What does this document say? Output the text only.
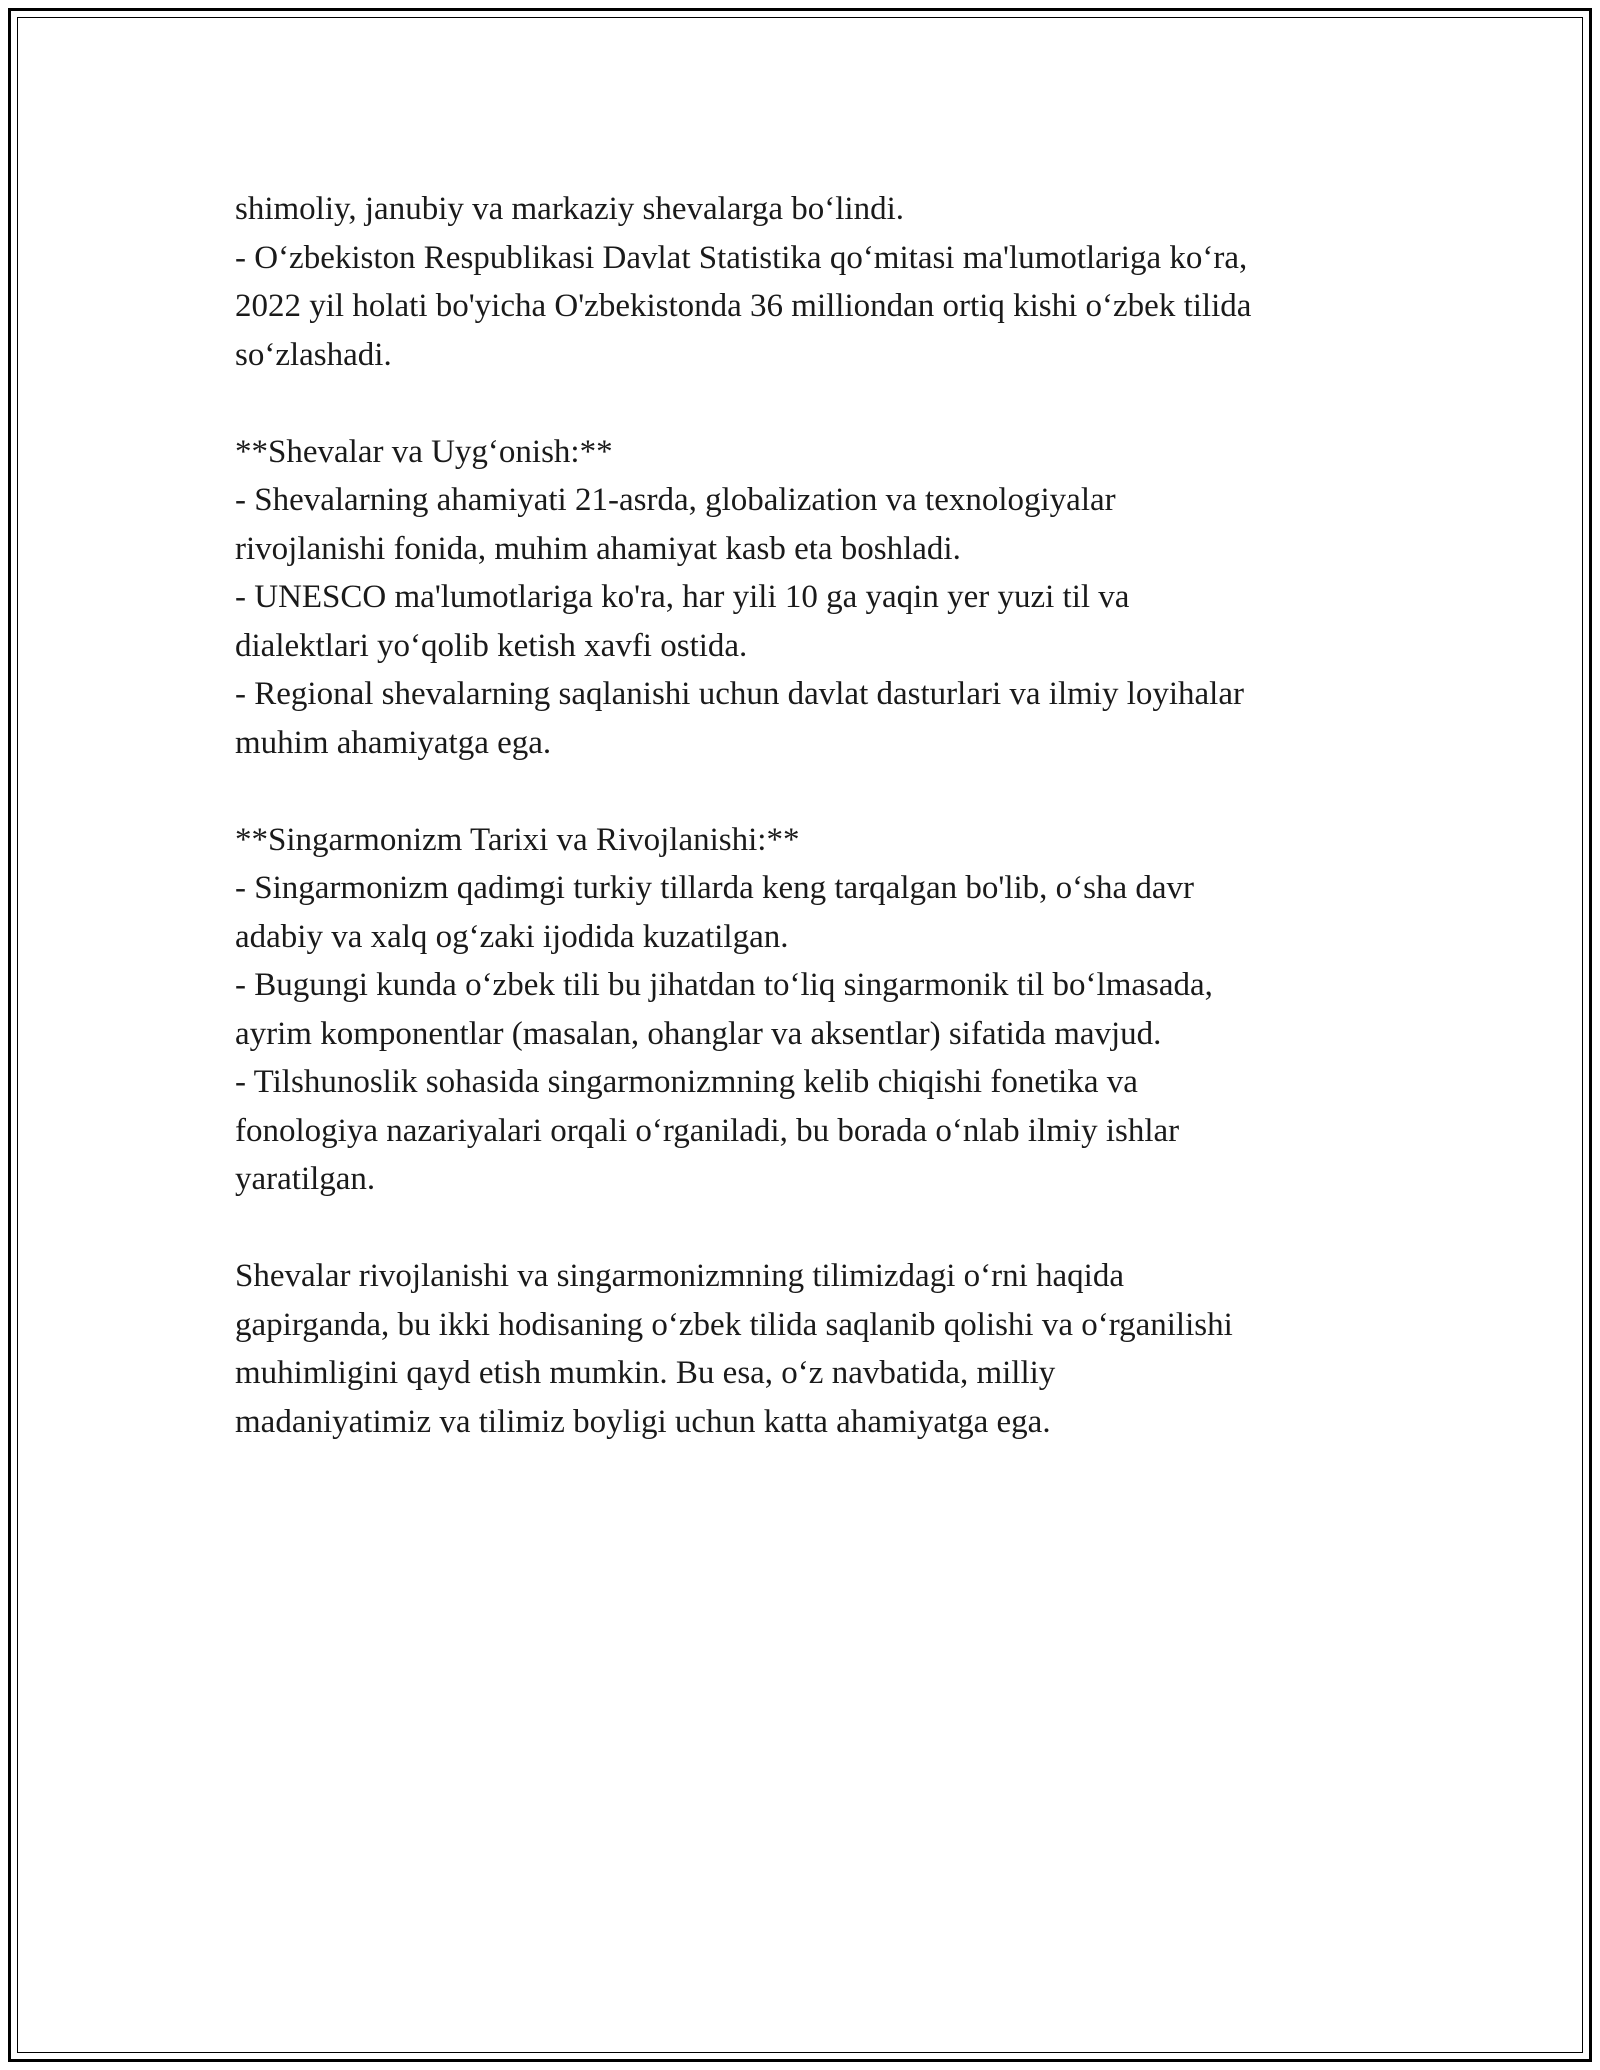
shimoliy, janubiy va markaziy shevalarga bo‘lindi.
- O‘zbekiston Respublikasi Davlat Statistika qo‘mitasi ma'lumotlariga ko‘ra,
2022 yil holati bo'yicha O'zbekistonda 36 milliondan ortiq kishi o‘zbek tilida
so‘zlashadi.
**Shevalar va Uyg‘onish:**
- Shevalarning ahamiyati 21-asrda, globalization va texnologiyalar
rivojlanishi fonida, muhim ahamiyat kasb eta boshladi.
- UNESCO ma'lumotlariga ko'ra, har yili 10 ga yaqin yer yuzi til va
dialektlari yo‘qolib ketish xavfi ostida.
- Regional shevalarning saqlanishi uchun davlat dasturlari va ilmiy loyihalar
muhim ahamiyatga ega.
**Singarmonizm Tarixi va Rivojlanishi:**
- Singarmonizm qadimgi turkiy tillarda keng tarqalgan bo'lib, o‘sha davr
adabiy va xalq og‘zaki ijodida kuzatilgan.
- Bugungi kunda o‘zbek tili bu jihatdan to‘liq singarmonik til bo‘lmasada,
ayrim komponentlar (masalan, ohanglar va aksentlar) sifatida mavjud.
- Tilshunoslik sohasida singarmonizmning kelib chiqishi fonetika va
fonologiya nazariyalari orqali o‘rganiladi, bu borada o‘nlab ilmiy ishlar
yaratilgan.
Shevalar rivojlanishi va singarmonizmning tilimizdagi o‘rni haqida
gapirganda, bu ikki hodisaning o‘zbek tilida saqlanib qolishi va o‘rganilishi
muhimligini qayd etish mumkin. Bu esa, o‘z navbatida, milliy
madaniyatimiz va tilimiz boyligi uchun katta ahamiyatga ega.
